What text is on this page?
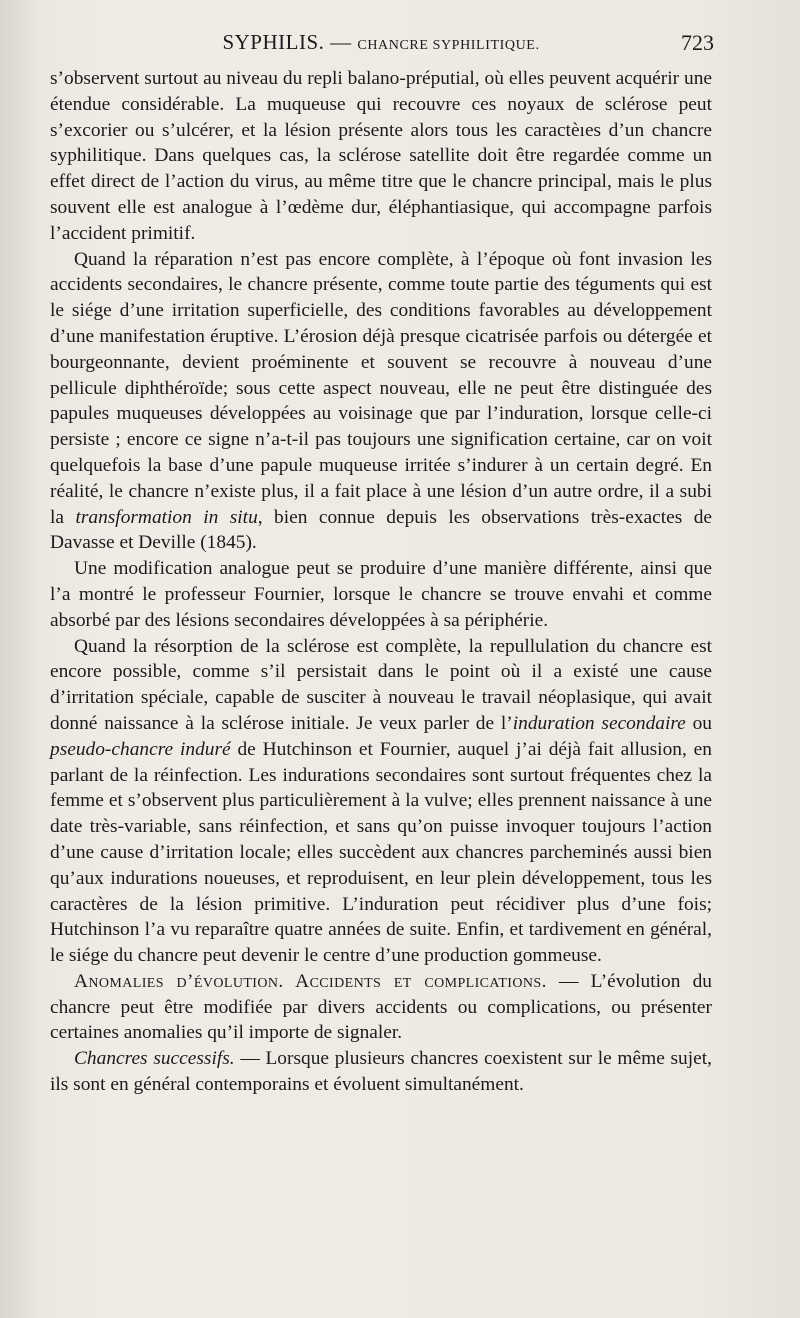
SYPHILIS. — CHANCRE SYPHILITIQUE.	723

s’observent surtout au niveau du repli balano-préputial, où elles peuvent acquérir une étendue considérable. La muqueuse qui recouvre ces noyaux de sclérose peut s’excorier ou s’ulcérer, et la lésion présente alors tous les caractèıes d’un chancre syphilitique. Dans quelques cas, la sclérose satellite doit être regardée comme un effet direct de l’action du virus, au même titre que le chancre principal, mais le plus souvent elle est analogue à l’œdème dur, éléphantiasique, qui accompagne parfois l’accident primitif.

Quand la réparation n’est pas encore complète, à l’époque où font invasion les accidents secondaires, le chancre présente, comme toute partie des téguments qui est le siége d’une irritation superficielle, des conditions favorables au développement d’une manifestation éruptive. L’érosion déjà presque cicatrisée parfois ou détergée et bourgeonnante, devient proéminente et souvent se recouvre à nouveau d’une pellicule diphthéroïde; sous cette aspect nouveau, elle ne peut être distinguée des papules muqueuses développées au voisinage que par l’induration, lorsque celle-ci persiste ; encore ce signe n’a-t-il pas toujours une signification certaine, car on voit quelquefois la base d’une papule muqueuse irritée s’indurer à un certain degré. En réalité, le chancre n’existe plus, il a fait place à une lésion d’un autre ordre, il a subi la transformation in situ, bien connue depuis les observations très-exactes de Davasse et Deville (1845).

Une modification analogue peut se produire d’une manière différente, ainsi que l’a montré le professeur Fournier, lorsque le chancre se trouve envahi et comme absorbé par des lésions secondaires développées à sa périphérie.

Quand la résorption de la sclérose est complète, la repullulation du chancre est encore possible, comme s’il persistait dans le point où il a existé une cause d’irritation spéciale, capable de susciter à nouveau le travail néoplasique, qui avait donné naissance à la sclérose initiale. Je veux parler de l’induration secondaire ou pseudo-chancre induré de Hutchinson et Fournier, auquel j’ai déjà fait allusion, en parlant de la réinfection. Les indurations secondaires sont surtout fréquentes chez la femme et s’observent plus particulièrement à la vulve; elles prennent naissance à une date très-variable, sans réinfection, et sans qu’on puisse invoquer toujours l’action d’une cause d’irritation locale; elles succèdent aux chancres parcheminés aussi bien qu’aux indurations noueuses, et reproduisent, en leur plein développement, tous les caractères de la lésion primitive. L’induration peut récidiver plus d’une fois; Hutchinson l’a vu reparaître quatre années de suite. Enfin, et tardivement en général, le siége du chancre peut devenir le centre d’une production gommeuse.

Anomalies d’évolution. Accidents et complications. — L’évolution du chancre peut être modifiée par divers accidents ou complications, ou présenter certaines anomalies qu’il importe de signaler.

Chancres successifs. — Lorsque plusieurs chancres coexistent sur le même sujet, ils sont en général contemporains et évoluent simultanément.
